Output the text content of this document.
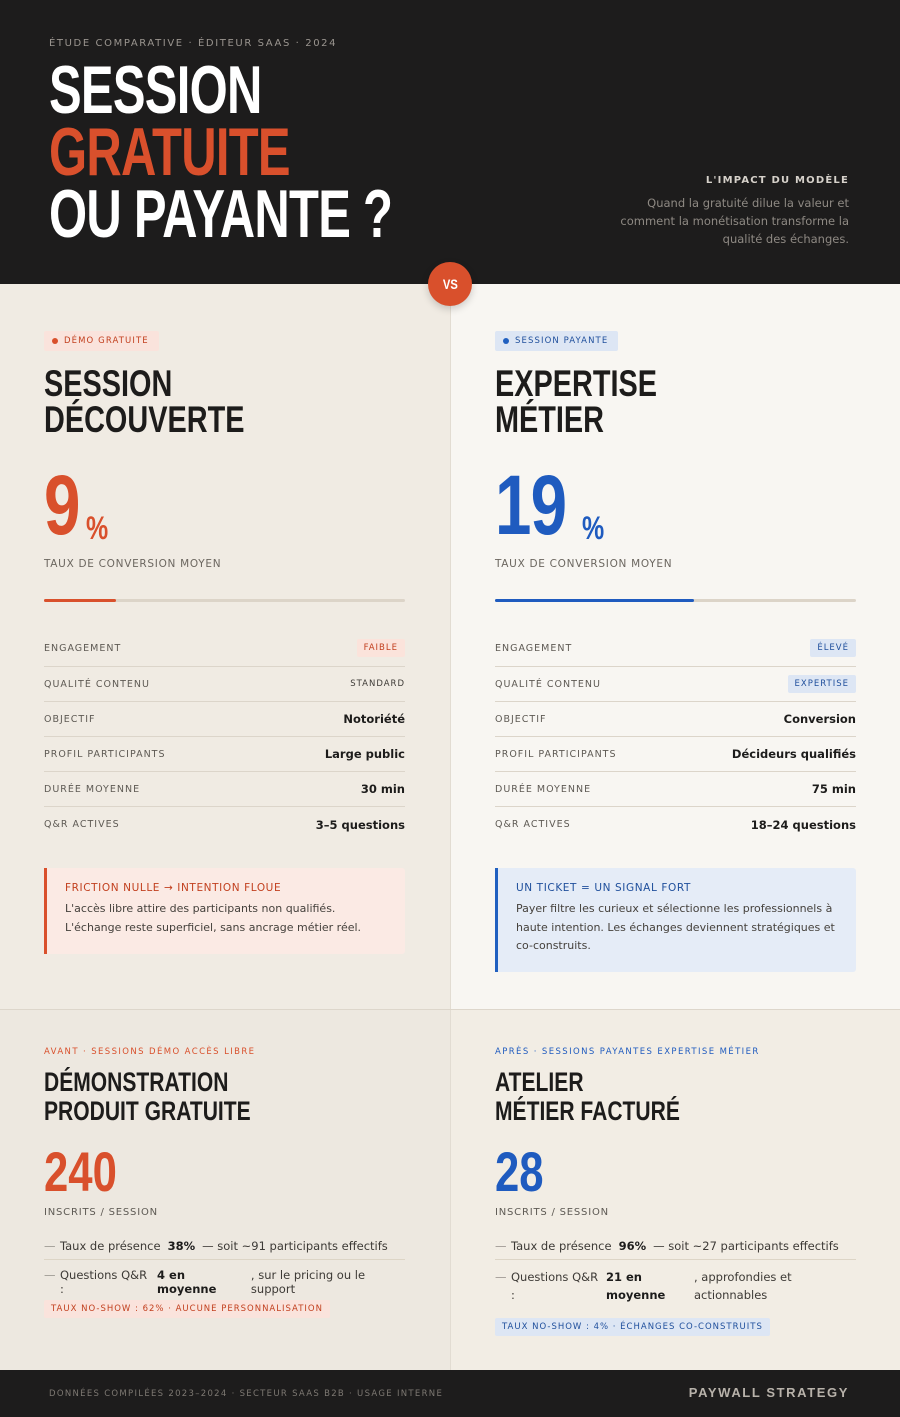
ÉTUDE COMPARATIVE · ÉDITEUR SAAS · 2024
SESSION
GRATUITE
OU PAYANTE ?	L'IMPACT DU MODÈLE
Quand la gratuité dilue la valeur et comment la monétisation transforme la qualité des échanges.
VS
DÉMO GRATUITE
SESSION
DÉCOUVERTE
9 %
TAUX DE CONVERSION MOYEN
ENGAGEMENT	FAIBLE
QUALITÉ CONTENU	STANDARD
OBJECTIF	Notoriété
PROFIL PARTICIPANTS	Large public
DURÉE MOYENNE	30 min
Q&R ACTIVES	3–5 questions
FRICTION NULLE → INTENTION FLOUE
L'accès libre attire des participants non qualifiés. L'échange reste superficiel, sans ancrage métier réel.
SESSION PAYANTE
EXPERTISE
MÉTIER
19 %
TAUX DE CONVERSION MOYEN
ENGAGEMENT	ÉLEVÉ
QUALITÉ CONTENU	EXPERTISE
OBJECTIF	Conversion
PROFIL PARTICIPANTS	Décideurs qualifiés
DURÉE MOYENNE	75 min
Q&R ACTIVES	18–24 questions
UN TICKET = UN SIGNAL FORT
Payer filtre les curieux et sélectionne les professionnels à haute intention. Les échanges deviennent stratégiques et co-construits.
AVANT · SESSIONS DÉMO ACCÈS LIBRE
DÉMONSTRATION
PRODUIT GRATUITE
240
INSCRITS / SESSION
— Taux de présence 38% — soit ~91 participants effectifs
— Questions Q&R :
4 en moyenne
, sur le pricing ou le support
TAUX NO-SHOW : 62% · AUCUNE PERSONNALISATION
APRÈS · SESSIONS PAYANTES EXPERTISE MÉTIER
ATELIER
MÉTIER FACTURÉ
28
INSCRITS / SESSION
— Taux de présence 96% — soit ~27 participants effectifs
— Questions Q&R :
21 en moyenne
, approfondies et actionnables
TAUX NO-SHOW : 4% · ÉCHANGES CO-CONSTRUITS
DONNÉES COMPILÉES 2023–2024 · SECTEUR SAAS B2B · USAGE INTERNE	PAYWALL STRATEGY
